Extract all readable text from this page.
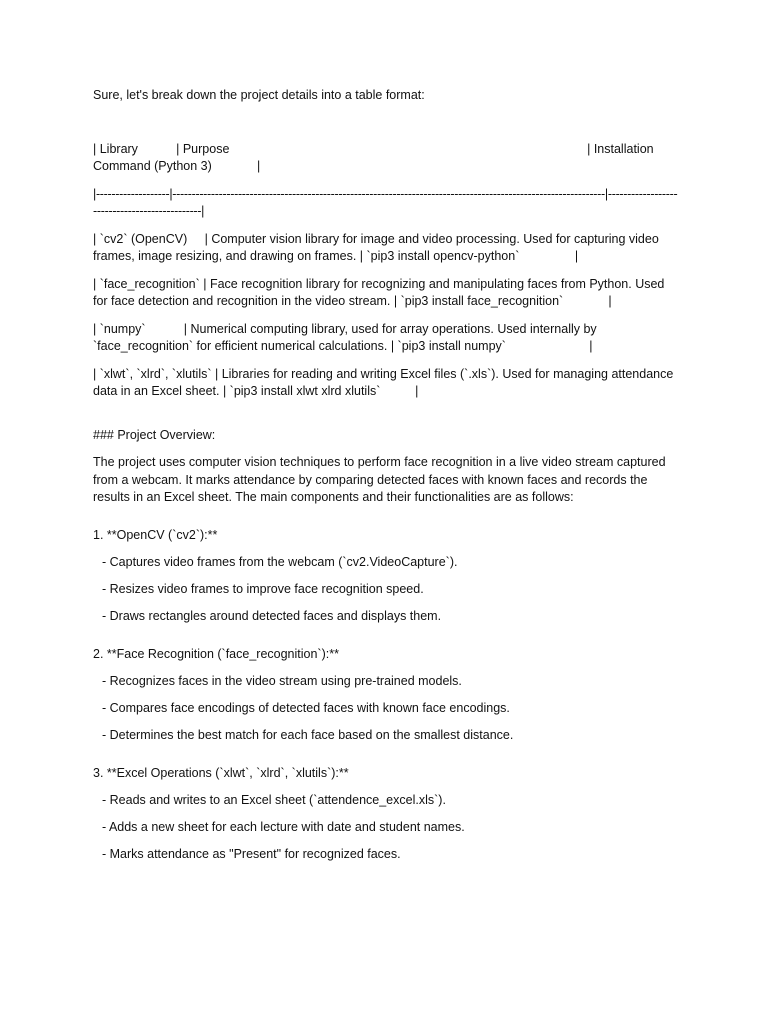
Sure, let's break down the project details into a table format:

| Library           | Purpose                                                                                                       | Installation Command (Python 3)             |

|-------------------|----------------------------------------------------------------------------------------------------------------|----------------------------------------------|

| `cv2` (OpenCV)     | Computer vision library for image and video processing. Used for capturing video frames, image resizing, and drawing on frames. | `pip3 install opencv-python`                |

| `face_recognition` | Face recognition library for recognizing and manipulating faces from Python. Used for face detection and recognition in the video stream. | `pip3 install face_recognition`             |

| `numpy`           | Numerical computing library, used for array operations. Used internally by `face_recognition` for efficient numerical calculations. | `pip3 install numpy`                        |

| `xlwt`, `xlrd`, `xlutils` | Libraries for reading and writing Excel files (`.xls`). Used for managing attendance data in an Excel sheet. | `pip3 install xlwt xlrd xlutils`          |

### Project Overview:

The project uses computer vision techniques to perform face recognition in a live video stream captured from a webcam. It marks attendance by comparing detected faces with known faces and records the results in an Excel sheet. The main components and their functionalities are as follows:

1. **OpenCV (`cv2`):**

- Captures video frames from the webcam (`cv2.VideoCapture`).

- Resizes video frames to improve face recognition speed.

- Draws rectangles around detected faces and displays them.

2. **Face Recognition (`face_recognition`):**

- Recognizes faces in the video stream using pre-trained models.

- Compares face encodings of detected faces with known face encodings.

- Determines the best match for each face based on the smallest distance.

3. **Excel Operations (`xlwt`, `xlrd`, `xlutils`):**

- Reads and writes to an Excel sheet (`attendence_excel.xls`).

- Adds a new sheet for each lecture with date and student names.

- Marks attendance as "Present" for recognized faces.
